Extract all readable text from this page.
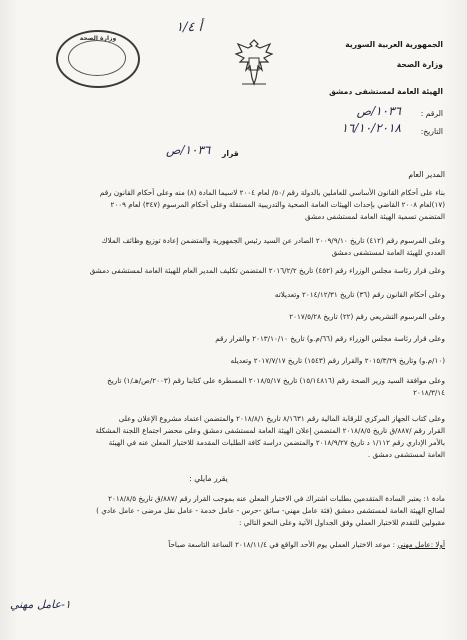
أ ١/٤
وزارة الصحة
الجمهورية العربية السورية
وزارة الصحة
الهيئة العامة لمستشفى دمشق
الرقم :
١٠٣٦/ص
التاريخ:
١٦/١٠/٢٠١٨
قرار
١٠٣٦/ص
المدير العام
بناء على أحكام القانون الأساسي للعاملين بالدولة رقم /٥٠/ لعام ٢٠٠٤ لاسيما المادة (٨) منه وعلى أحكام القانون رقم
(١٧)لعام ٢٠٠٨ القاضي بإحداث الهيئات العامة الصحية والتدريبية المستقلة وعلى أحكام المرسوم (٣٤٧) لعام ٢٠٠٩
المتضمن تسمية الهيئة العامة لمستشفى دمشق
وعلى المرسوم رقم (٤١٢) تاريخ ٢٠٠٩/٩/١٠ الصادر عن السيد رئيس الجمهورية والمتضمن إعادة توزيع وظائف الملاك
العددي للهيئة العامة لمستشفى دمشق
وعلى قرار رئاسة مجلس الوزراء رقم (٤٥٢) تاريخ ٢٠١٦/٢/٢ المتضمن تكليف المدير العام للهيئة العامة لمستشفى دمشق
وعلى أحكام القانون رقم (٣٦) تاريخ ٢٠١٤/١٢/٣١ وتعديلاته
وعلى المرسوم التشريعي رقم (٢٢) تاريخ ٢٠١٧/٥/٢٨
وعلى قرار رئاسة مجلس الوزراء رقم (٦٦/م.و) تاريخ ٢٠١٣/١٠/١٠ والقرار رقم
(١٠/م.و) وتاريخ ٢٠١٥/٣/٢٩ والقرار رقم (١٥٤٣) تاريخ ٢٠١٧/٧/١٧ وتعديله
وعلى موافقة السيد وزير الصحة رقم (١٥/١٤٨١٦) تاريخ ٢٠١٨/٥/١٧ المسطرة على كتابنا رقم (٢٠٠٣/ص/هـ/١) تاريخ
٢٠١٨/٣/١٤
وعلى كتاب الجهاز المركزي للرقابة المالية رقم ٨/١٦٣١ تاريخ ٢٠١٨/٨/١ والمتضمن اعتماد مشروع الإعلان وعلى
القرار رقم /٨٨٧/ق تاريخ ٢٠١٨/٨/٥ المتضمن إعلان الهيئة العامة لمستشفى دمشق وعلى محضر اجتماع اللجنة المشكلة
بالأمر الإداري رقم ١/١١٢ د تاريخ ٢٠١٨/٩/٢٧ والمتضمن دراسة كافة الطلبات المقدمة للاختبار المعلن عنه في الهيئة
العامة لمستشفى دمشق .
يقرر مايلي :
مادة ١: يعتبر السادة المتقدمين بطلبات اشتراك في الاختبار المعلن عنه بموجب القرار رقم /٨٨٧/ق تاريخ ٢٠١٨/٨/٥
لصالح الهيئة العامة لمستشفى دمشق (فئة عامل مهني- سائق -حرس - عامل خدمة - عامل نقل مرضى - عامل عادي )
مقبولين للتقدم للاختبار العملي وفق الجداول الآتية وعلى النحو التالي :
أولا :عامل مهني : موعد الاختبار العملي يوم الأحد الواقع في ٢٠١٨/١١/٤ الساعة التاسعة صباحاً
١-عامل مهني
